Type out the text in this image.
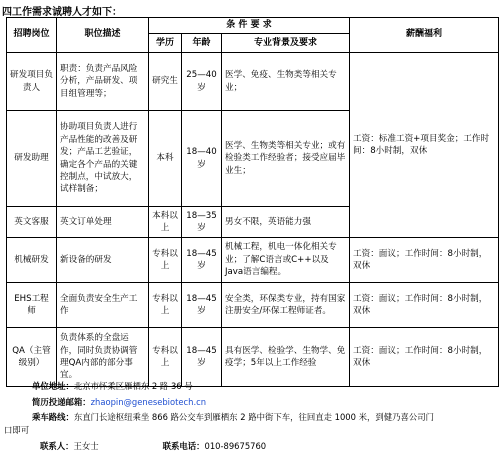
四工作需求诚聘人才如下：
招聘岗位	职位描述	条 件 要 求			薪酬福利
		学历	年龄	专业背景及要求	
研发项目负责人	职责：负责产品风险分析，产品研发、项目组管理等；	研究生	25—40岁	医学、免疫、生物类等相关专业；	工资：标准工资+项目奖金；工作时间：8小时制，双休
研发助理	协助项目负责人进行产品性能的改善及研发；产品工艺验证，确定各个产品的关键控制点，中试放大，试样制备；	本科	18—40岁	医学、生物类等相关专业；或有检验类工作经验者；接受应届毕业生；	
英文客服	英文订单处理	本科以上	18—35岁	男女不限，英语能力强	
机械研发	新设备的研发	专科以上	18—45岁	机械工程，机电一体化相关专业；了解C语言或C++以及Java语言编程。	工资：面议；工作时间：8小时制，双休
EHS工程师	全面负责安全生产工作	专科以上	18—45岁	安全类，环保类专业，持有国家注册安全/环保工程师证者。	工资：面议；工作时间：8小时制，双休
QA（主管级别）	负责体系的全盘运作，同时负责协调管理QA内部的部分事宜。	专科以上	18—45岁	具有医学、检验学、生物学、免疫学；5年以上工作经验	工资：面议；工作时间：8小时制，双休
单位地址：北京市怀柔区雁栖东 2 路 36 号
简历投递邮箱：zhaopin@genesebiotech.cn
乘车路线：东直门长途枢纽乘坐 866 路公交车到雁栖东 2 路中街下车，往回直走 1000 米，到健乃喜公司门
口即可
联系人：王女士	联系电话：010-89675760
